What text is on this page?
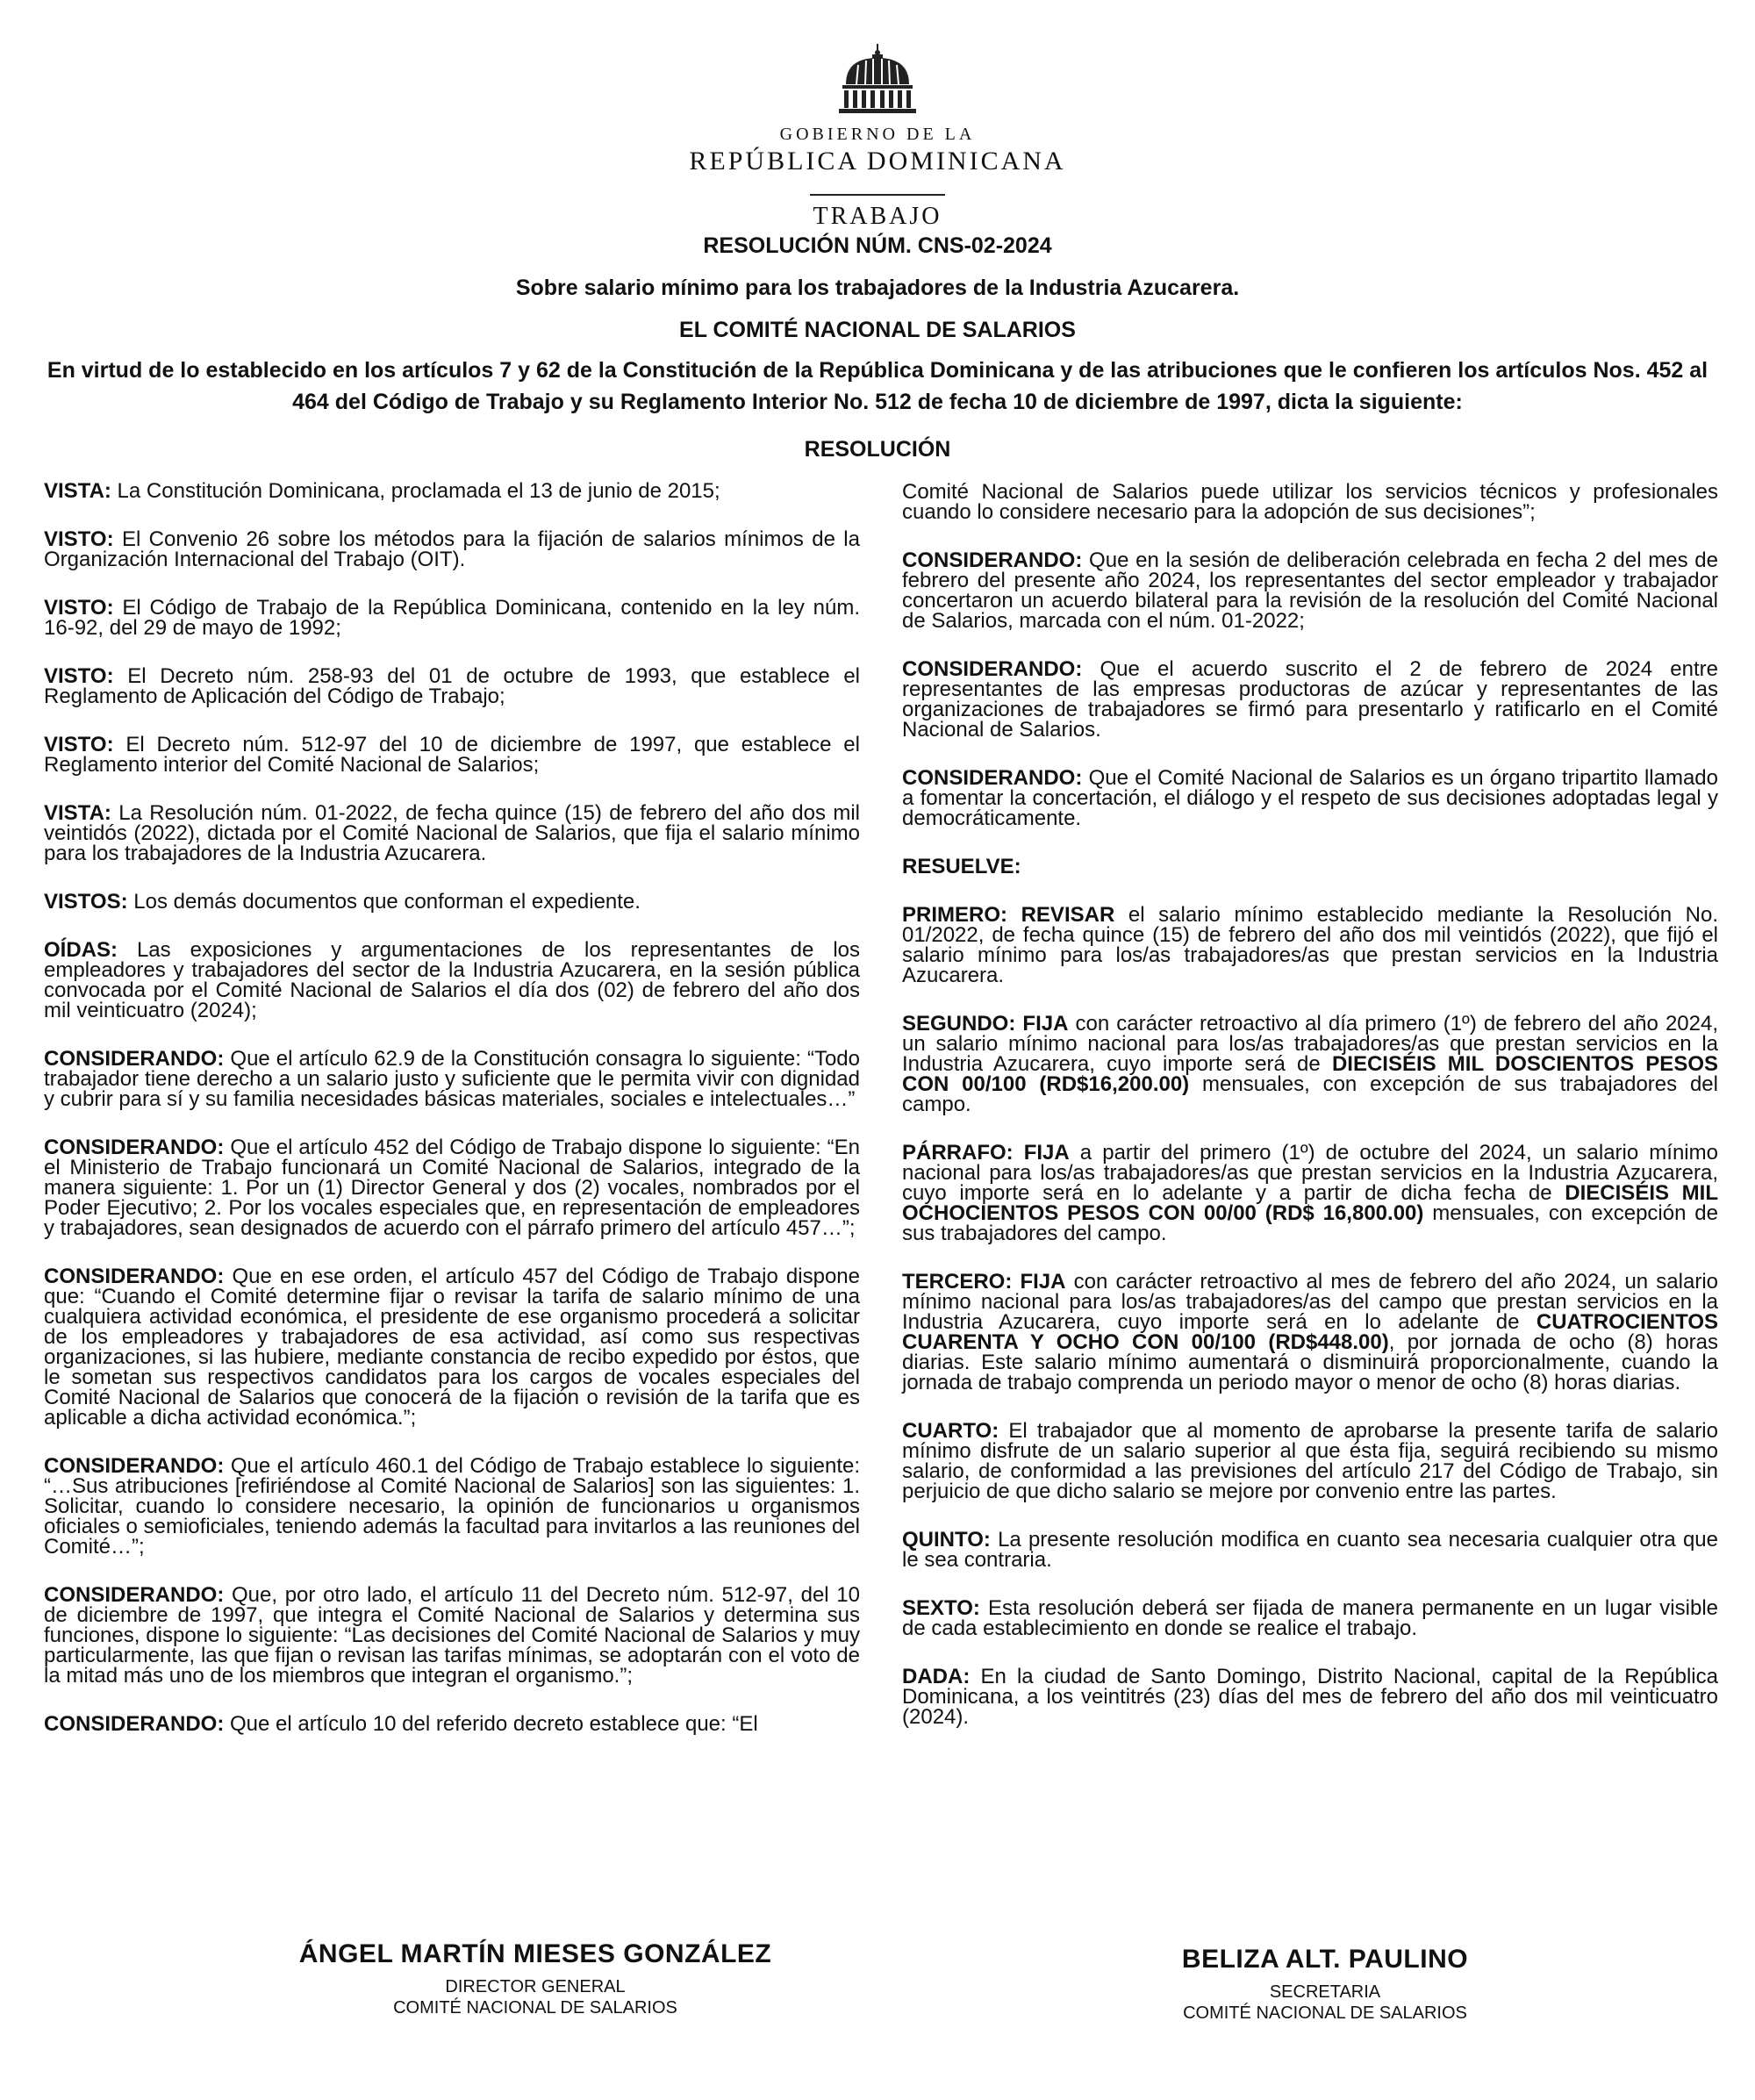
GOBIERNO DE LA
REPÚBLICA DOMINICANA
TRABAJO
RESOLUCIÓN NÚM. CNS-02-2024
Sobre salario mínimo para los trabajadores de la Industria Azucarera.
EL COMITÉ NACIONAL DE SALARIOS
En virtud de lo establecido en los artículos 7 y 62 de la Constitución de la República Dominicana y de las atribuciones que le confieren los artículos Nos. 452 al 464 del Código de Trabajo y su Reglamento Interior No. 512 de fecha 10 de diciembre de 1997, dicta la siguiente:
RESOLUCIÓN

VISTA: La Constitución Dominicana, proclamada el 13 de junio de 2015;

VISTO: El Convenio 26 sobre los métodos para la fijación de salarios mínimos de la Organización Internacional del Trabajo (OIT).

VISTO: El Código de Trabajo de la República Dominicana, contenido en la ley núm. 16-92, del 29 de mayo de 1992;

VISTO: El Decreto núm. 258-93 del 01 de octubre de 1993, que establece el Reglamento de Aplicación del Código de Trabajo;

VISTO: El Decreto núm. 512-97 del 10 de diciembre de 1997, que establece el Reglamento interior del Comité Nacional de Salarios;

VISTA: La Resolución núm. 01-2022, de fecha quince (15) de febrero del año dos mil veintidós (2022), dictada por el Comité Nacional de Salarios, que fija el salario mínimo para los trabajadores de la Industria Azucarera.

VISTOS: Los demás documentos que conforman el expediente.

OÍDAS: Las exposiciones y argumentaciones de los representantes de los empleadores y trabajadores del sector de la Industria Azucarera, en la sesión pública convocada por el Comité Nacional de Salarios el día dos (02) de febrero del año dos mil veinticuatro (2024);

CONSIDERANDO: Que el artículo 62.9 de la Constitución consagra lo siguiente: “Todo trabajador tiene derecho a un salario justo y suficiente que le permita vivir con dignidad y cubrir para sí y su familia necesidades básicas materiales, sociales e intelectuales…”

CONSIDERANDO: Que el artículo 452 del Código de Trabajo dispone lo siguiente: “En el Ministerio de Trabajo funcionará un Comité Nacional de Salarios, integrado de la manera siguiente: 1. Por un (1) Director General y dos (2) vocales, nombrados por el Poder Ejecutivo; 2. Por los vocales especiales que, en representación de empleadores y trabajadores, sean designados de acuerdo con el párrafo primero del artículo 457…”;

CONSIDERANDO: Que en ese orden, el artículo 457 del Código de Trabajo dispone que: “Cuando el Comité determine fijar o revisar la tarifa de salario mínimo de una cualquiera actividad económica, el presidente de ese organismo procederá a solicitar de los empleadores y trabajadores de esa actividad, así como sus respectivas organizaciones, si las hubiere, mediante constancia de recibo expedido por éstos, que le sometan sus respectivos candidatos para los cargos de vocales especiales del Comité Nacional de Salarios que conocerá de la fijación o revisión de la tarifa que es aplicable a dicha actividad económica.”;

CONSIDERANDO: Que el artículo 460.1 del Código de Trabajo establece lo siguiente: “…Sus atribuciones [refiriéndose al Comité Nacional de Salarios] son las siguientes: 1. Solicitar, cuando lo considere necesario, la opinión de funcionarios u organismos oficiales o semioficiales, teniendo además la facultad para invitarlos a las reuniones del Comité…”;

CONSIDERANDO: Que, por otro lado, el artículo 11 del Decreto núm. 512-97, del 10 de diciembre de 1997, que integra el Comité Nacional de Salarios y determina sus funciones, dispone lo siguiente: “Las decisiones del Comité Nacional de Salarios y muy particularmente, las que fijan o revisan las tarifas mínimas, se adoptarán con el voto de la mitad más uno de los miembros que integran el organismo.”;

CONSIDERANDO: Que el artículo 10 del referido decreto establece que: “El

Comité Nacional de Salarios puede utilizar los servicios técnicos y profesionales cuando lo considere necesario para la adopción de sus decisiones”;

CONSIDERANDO: Que en la sesión de deliberación celebrada en fecha 2 del mes de febrero del presente año 2024, los representantes del sector empleador y trabajador concertaron un acuerdo bilateral para la revisión de la resolución del Comité Nacional de Salarios, marcada con el núm. 01-2022;

CONSIDERANDO: Que el acuerdo suscrito el 2 de febrero de 2024 entre representantes de las empresas productoras de azúcar y representantes de las organizaciones de trabajadores se firmó para presentarlo y ratificarlo en el Comité Nacional de Salarios.

CONSIDERANDO: Que el Comité Nacional de Salarios es un órgano tripartito llamado a fomentar la concertación, el diálogo y el respeto de sus decisiones adoptadas legal y democráticamente.

RESUELVE:

PRIMERO: REVISAR el salario mínimo establecido mediante la Resolución No. 01/2022, de fecha quince (15) de febrero del año dos mil veintidós (2022), que fijó el salario mínimo para los/as trabajadores/as que prestan servicios en la Industria Azucarera.

SEGUNDO: FIJA con carácter retroactivo al día primero (1º) de febrero del año 2024, un salario mínimo nacional para los/as trabajadores/as que prestan servicios en la Industria Azucarera, cuyo importe será de DIECISÉIS MIL DOSCIENTOS PESOS CON 00/100 (RD$16,200.00) mensuales, con excepción de sus trabajadores del campo.

PÁRRAFO: FIJA a partir del primero (1º) de octubre del 2024, un salario mínimo nacional para los/as trabajadores/as que prestan servicios en la Industria Azucarera, cuyo importe será en lo adelante y a partir de dicha fecha de DIECISÉIS MIL OCHOCIENTOS PESOS CON 00/00 (RD$ 16,800.00) mensuales, con excepción de sus trabajadores del campo.

TERCERO: FIJA con carácter retroactivo al mes de febrero del año 2024, un salario mínimo nacional para los/as trabajadores/as del campo que prestan servicios en la Industria Azucarera, cuyo importe será en lo adelante de CUATROCIENTOS CUARENTA Y OCHO CON 00/100 (RD$448.00), por jornada de ocho (8) horas diarias. Este salario mínimo aumentará o disminuirá proporcionalmente, cuando la jornada de trabajo comprenda un periodo mayor o menor de ocho (8) horas diarias.

CUARTO: El trabajador que al momento de aprobarse la presente tarifa de salario mínimo disfrute de un salario superior al que ésta fija, seguirá recibiendo su mismo salario, de conformidad a las previsiones del artículo 217 del Código de Trabajo, sin perjuicio de que dicho salario se mejore por convenio entre las partes.

QUINTO: La presente resolución modifica en cuanto sea necesaria cualquier otra que le sea contraria.

SEXTO: Esta resolución deberá ser fijada de manera permanente en un lugar visible de cada establecimiento en donde se realice el trabajo.

DADA: En la ciudad de Santo Domingo, Distrito Nacional, capital de la República Dominicana, a los veintitrés (23) días del mes de febrero del año dos mil veinticuatro (2024).

ÁNGEL MARTÍN MIESES GONZÁLEZ
DIRECTOR GENERAL
COMITÉ NACIONAL DE SALARIOS
BELIZA ALT. PAULINO
SECRETARIA
COMITÉ NACIONAL DE SALARIOS
